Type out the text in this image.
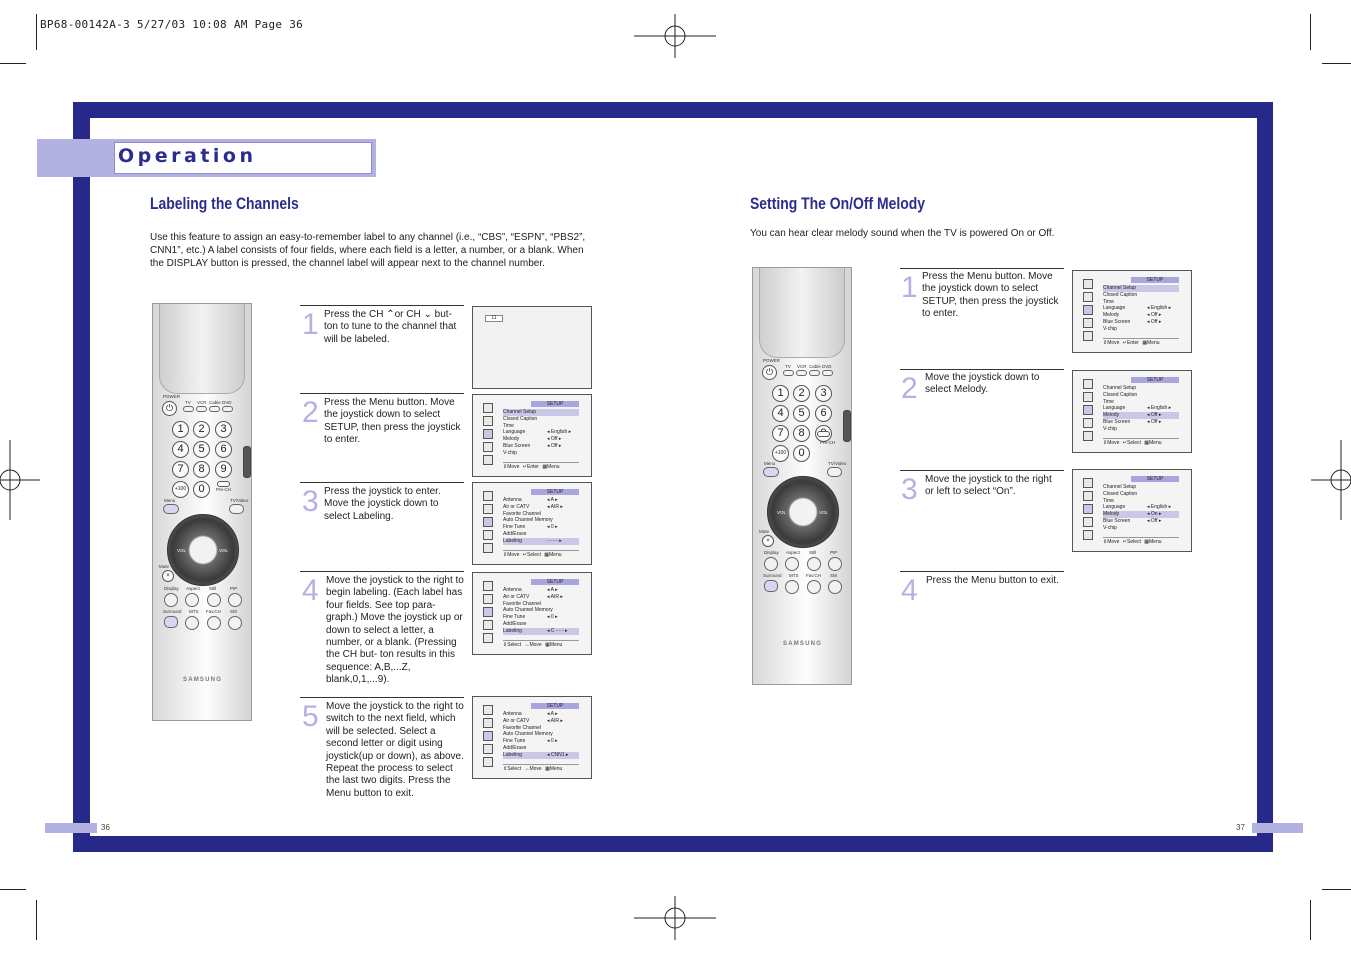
BP68-00142A-3 5/27/03 10:08 AM Page 36
Operation
Labeling the Channels
Use this feature to assign an easy-to-remember label to any channel (i.e., “CBS”, “ESPN”, “PBS2”, CNN1”, etc.) A label consists of four fields, where each field is a letter, a number, or a blank. When the DISPLAY button is pressed, the channel label will appear next to the channel number.
POWER
⏻
TV VCR Cable DVD
1	2	3
4	5	6
7	8	9
+100	0	Pre-CH
Menu	TV/Video
VOL	VOL
Mute
×
Display Aspect Still	PIP
Surround MTS Fav.CH SM
SAMSUNG
1 Press the CH ⌃or CH ⌄ but- ton to tune to the channel that will be labeled.
2 Press the Menu button. Move the joystick down to select SETUP, then press the joystick to enter.
3 Press the joystick to enter. Move the joystick down to select Labeling.
4 Move the joystick to the right to begin labeling. (Each label has four fields. See top para- graph.) Move the joystick up or down to select a letter, a number, or a blank. (Pressing the CH but- ton results in this sequence: A,B,...Z, blank,0,1,...9).
5 Move the joystick to the right to switch to the next field, which will be selected. Select a second letter or digit using joystick(up or down), as above. Repeat the process to select the last two digits. Press the Menu button to exit.
11
SETUP
Channel Setup
Closed Caption
Time
Language	◂ English ▸
Melody	◂ Off ▸
Blue Screen	◂ Off ▸
V-chip
⇕Move ↵Enter ▦Menu
SETUP
Antenna	◂ A ▸
Air or CATV	◂ AIR ▸
Favorite Channel
Auto Channel Memory
Fine Tune	◂ 0 ▸
Add/Erase
Labeling	- - - - ▸
⇕Move ↵Select ▦Menu
SETUP
Antenna	◂ A ▸
Air or CATV	◂ AIR ▸
Favorite Channel
Auto Channel Memory
Fine Tune	◂ 0 ▸
Add/Erase
Labeling	◂ C - - - ▸
⇕Select ↔Move ▦Menu
SETUP
Antenna	◂ A ▸
Air or CATV	◂ AIR ▸
Favorite Channel
Auto Channel Memory
Fine Tune	◂ 0 ▸
Add/Erase
Labeling	◂ CNN1 ▸
⇕Select ↔Move ▦Menu
Setting The On/Off Melody
You can hear clear melody sound when the TV is powered On or Off.
POWER
⏻
TV VCR Cable DVD
1	2	3
4	5	6
7	8
+100	0
Pre-CH
Menu	TV/Video
VOL	VOL
Mute
×
Display Aspect Still	PIP
Surround MTS Fav.CH SM
SAMSUNG
1 Press the Menu button. Move the joystick down to select SETUP, then press the joystick to enter.
2 Move the joystick down to select Melody.
3 Move the joystick to the right or left to select “On”.
4 Press the Menu button to exit.
SETUP
Channel Setup
Closed Caption
Time
Language	◂ English ▸
Melody	◂ Off ▸
Blue Screen	◂ Off ▸
V-chip
⇕Move ↵Enter ▦Menu
SETUP
Channel Setup
Closed Caption
Time
Language	◂ English ▸
Melody	◂ Off ▸
Blue Screen	◂ Off ▸
V-chip
⇕Move ↵Select ▦Menu
SETUP
Channel Setup
Closed Caption
Time
Language	◂ English ▸
Melody	◂ On ▸
Blue Screen	◂ Off ▸
V-chip
⇕Move ↵Select ▦Menu
36	37
